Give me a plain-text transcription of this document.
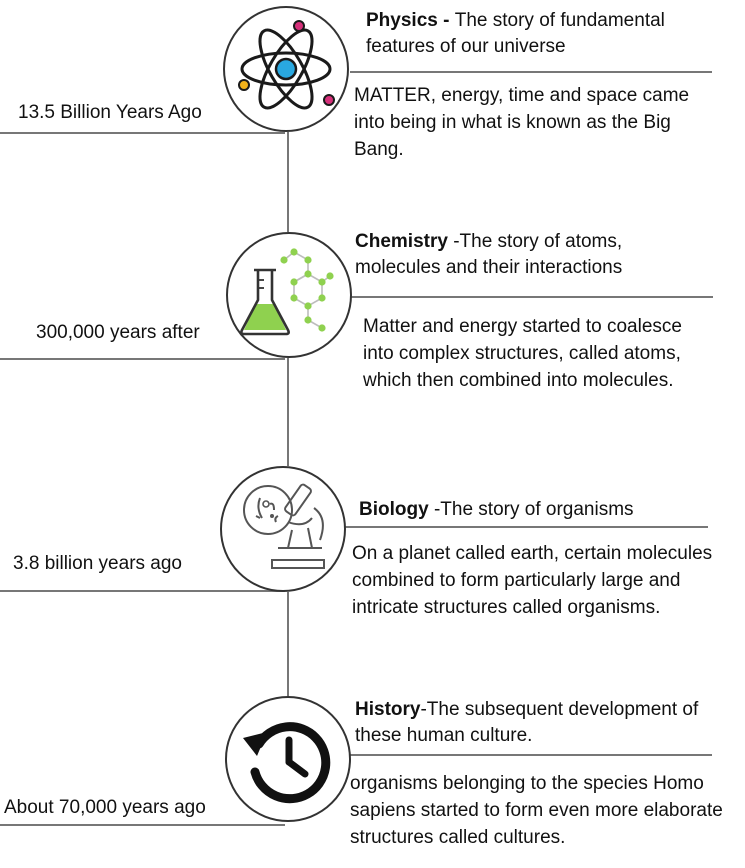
13.5 Billion Years Ago
Physics - The story of fundamental features of our universe
MATTER, energy, time and space came into being in what is known as the Big Bang.
300,000 years after
Chemistry -The story of atoms, molecules and their interactions
Matter and energy started to coalesce into complex structures, called atoms, which then combined into molecules.
3.8 billion years ago
Biology -The story of organisms
On a planet called earth, certain molecules combined to form particularly large and intricate structures called organisms.
About 70,000 years ago
History-The subsequent development of these human culture.
organisms belonging to the species Homo sapiens started to form even more elaborate structures called cultures.
